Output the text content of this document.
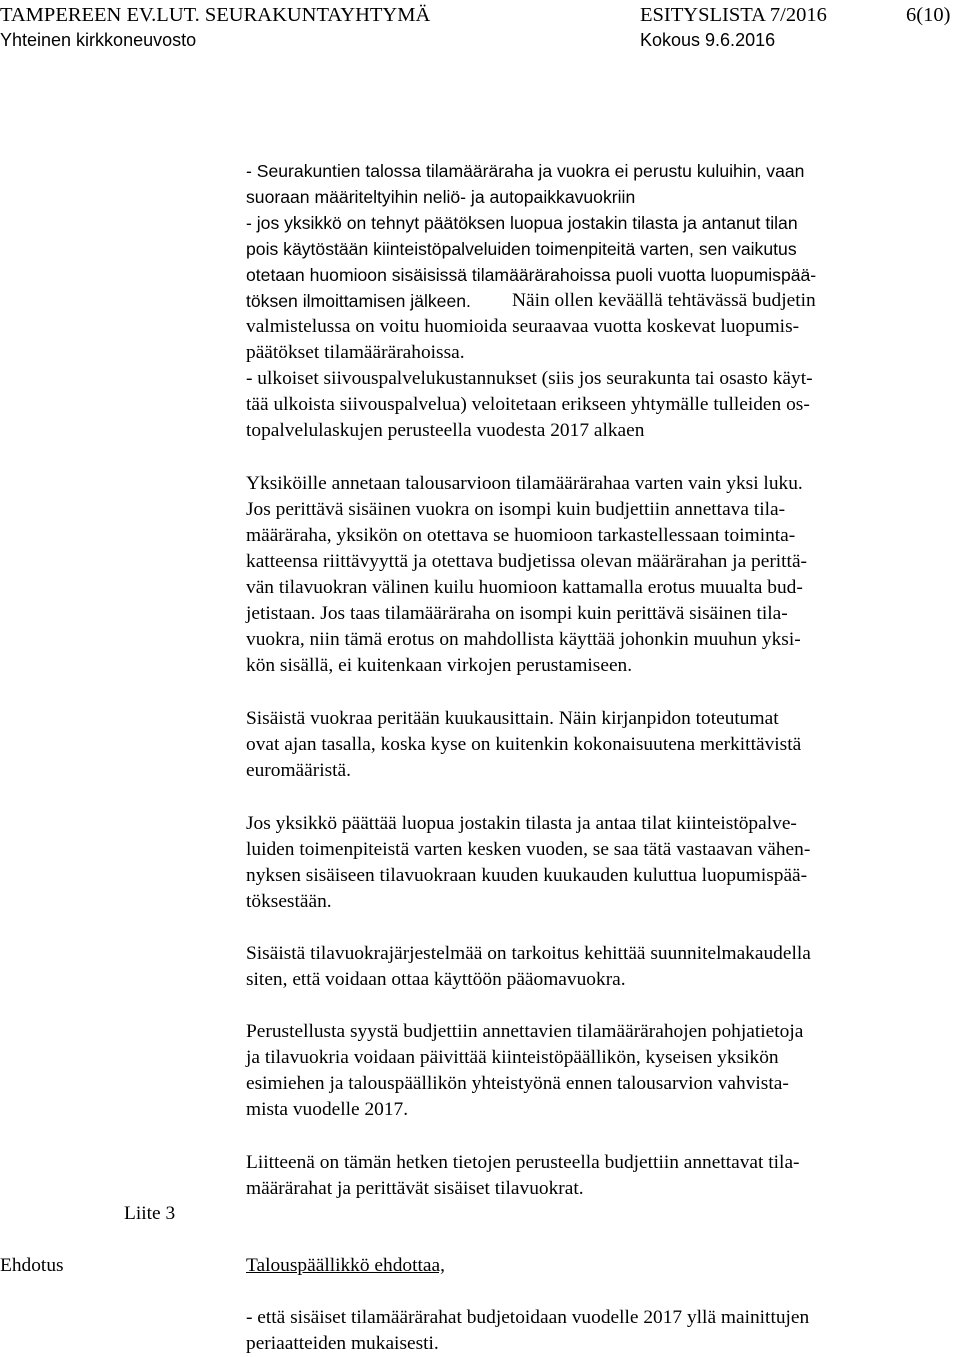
TAMPEREEN EV.LUT. SEURAKUNTAYHTYMÄ	ESITYSLISTA 7/2016	6(10)
Yhteinen kirkkoneuvosto	Kokous 9.6.2016
- Seurakuntien talossa tilamääräraha ja vuokra ei perustu kuluihin, vaan
suoraan määriteltyihin neliö- ja autopaikkavuokriin
- jos yksikkö on tehnyt päätöksen luopua jostakin tilasta ja antanut tilan
pois käytöstään kiinteistöpalveluiden toimenpiteitä varten, sen vaikutus
otetaan huomioon sisäisissä tilamäärärahoissa puoli vuotta luopumispää-
töksen ilmoittamisen jälkeen. Näin ollen keväällä tehtävässä budjetin
valmistelussa on voitu huomioida seuraavaa vuotta koskevat luopumis-
päätökset tilamäärärahoissa.
- ulkoiset siivouspalvelukustannukset (siis jos seurakunta tai osasto käyt-
tää ulkoista siivouspalvelua) veloitetaan erikseen yhtymälle tulleiden os-
topalvelulaskujen perusteella vuodesta 2017 alkaen
Yksiköille annetaan talousarvioon tilamäärärahaa varten vain yksi luku.
Jos perittävä sisäinen vuokra on isompi kuin budjettiin annettava tila-
määräraha, yksikön on otettava se huomioon tarkastellessaan toiminta-
katteensa riittävyyttä ja otettava budjetissa olevan määrärahan ja perittä-
vän tilavuokran välinen kuilu huomioon kattamalla erotus muualta bud-
jetistaan. Jos taas tilamääräraha on isompi kuin perittävä sisäinen tila-
vuokra, niin tämä erotus on mahdollista käyttää johonkin muuhun yksi-
kön sisällä, ei kuitenkaan virkojen perustamiseen.
Sisäistä vuokraa peritään kuukausittain. Näin kirjanpidon toteutumat
ovat ajan tasalla, koska kyse on kuitenkin kokonaisuutena merkittävistä
euromääristä.
Jos yksikkö päättää luopua jostakin tilasta ja antaa tilat kiinteistöpalve-
luiden toimenpiteistä varten kesken vuoden, se saa tätä vastaavan vähen-
nyksen sisäiseen tilavuokraan kuuden kuukauden kuluttua luopumispää-
töksestään.
Sisäistä tilavuokrajärjestelmää on tarkoitus kehittää suunnitelmakaudella
siten, että voidaan ottaa käyttöön pääomavuokra.
Perustellusta syystä budjettiin annettavien tilamäärärahojen pohjatietoja
ja tilavuokria voidaan päivittää kiinteistöpäällikön, kyseisen yksikön
esimiehen ja talouspäällikön yhteistyönä ennen talousarvion vahvista-
mista vuodelle 2017.
Liitteenä on tämän hetken tietojen perusteella budjettiin annettavat tila-
määrärahat ja perittävät sisäiset tilavuokrat.
Liite 3
Ehdotus	Talouspäällikkö ehdottaa,
- että sisäiset tilamäärärahat budjetoidaan vuodelle 2017 yllä mainittujen
periaatteiden mukaisesti.
